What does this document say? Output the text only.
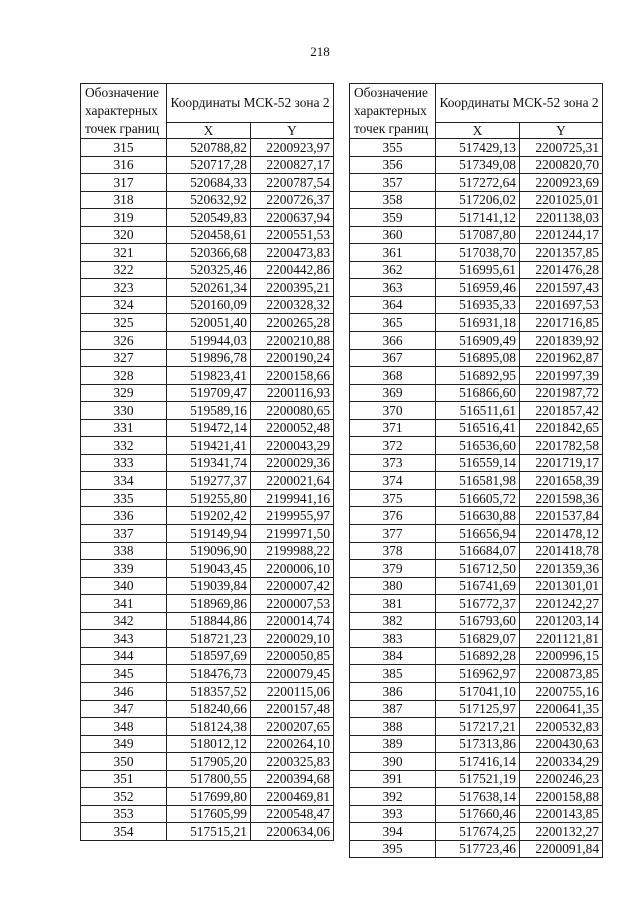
218
Обозначение характерных точек границ	Координаты МСК-52 зона 2	
	X	Y
315	520788,82	2200923,97
316	520717,28	2200827,17
317	520684,33	2200787,54
318	520632,92	2200726,37
319	520549,83	2200637,94
320	520458,61	2200551,53
321	520366,68	2200473,83
322	520325,46	2200442,86
323	520261,34	2200395,21
324	520160,09	2200328,32
325	520051,40	2200265,28
326	519944,03	2200210,88
327	519896,78	2200190,24
328	519823,41	2200158,66
329	519709,47	2200116,93
330	519589,16	2200080,65
331	519472,14	2200052,48
332	519421,41	2200043,29
333	519341,74	2200029,36
334	519277,37	2200021,64
335	519255,80	2199941,16
336	519202,42	2199955,97
337	519149,94	2199971,50
338	519096,90	2199988,22
339	519043,45	2200006,10
340	519039,84	2200007,42
341	518969,86	2200007,53
342	518844,86	2200014,74
343	518721,23	2200029,10
344	518597,69	2200050,85
345	518476,73	2200079,45
346	518357,52	2200115,06
347	518240,66	2200157,48
348	518124,38	2200207,65
349	518012,12	2200264,10
350	517905,20	2200325,83
351	517800,55	2200394,68
352	517699,80	2200469,81
353	517605,99	2200548,47
354	517515,21	2200634,06
Обозначение характерных точек границ	Координаты МСК-52 зона 2	
	X	Y
355	517429,13	2200725,31
356	517349,08	2200820,70
357	517272,64	2200923,69
358	517206,02	2201025,01
359	517141,12	2201138,03
360	517087,80	2201244,17
361	517038,70	2201357,85
362	516995,61	2201476,28
363	516959,46	2201597,43
364	516935,33	2201697,53
365	516931,18	2201716,85
366	516909,49	2201839,92
367	516895,08	2201962,87
368	516892,95	2201997,39
369	516866,60	2201987,72
370	516511,61	2201857,42
371	516516,41	2201842,65
372	516536,60	2201782,58
373	516559,14	2201719,17
374	516581,98	2201658,39
375	516605,72	2201598,36
376	516630,88	2201537,84
377	516656,94	2201478,12
378	516684,07	2201418,78
379	516712,50	2201359,36
380	516741,69	2201301,01
381	516772,37	2201242,27
382	516793,60	2201203,14
383	516829,07	2201121,81
384	516892,28	2200996,15
385	516962,97	2200873,85
386	517041,10	2200755,16
387	517125,97	2200641,35
388	517217,21	2200532,83
389	517313,86	2200430,63
390	517416,14	2200334,29
391	517521,19	2200246,23
392	517638,14	2200158,88
393	517660,46	2200143,85
394	517674,25	2200132,27
395	517723,46	2200091,84
